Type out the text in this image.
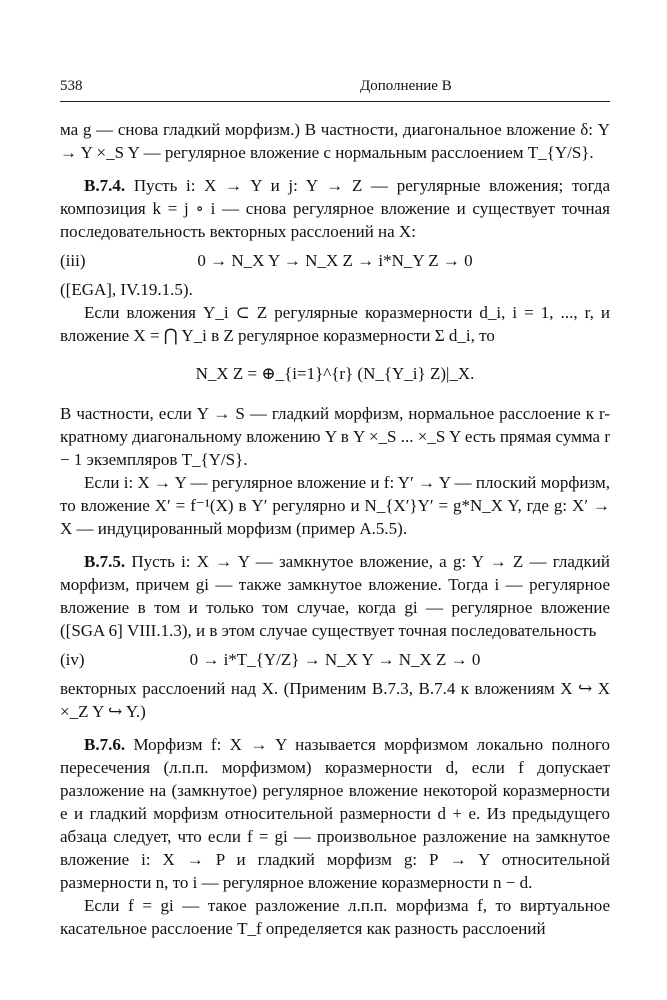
538	Дополнение В

ма g — снова гладкий морфизм.) В частности, диагональное вложение δ: Y → Y ×_S Y — регулярное вложение с нормальным расслоением T_{Y/S}.

B.7.4. Пусть i: X → Y и j: Y → Z — регулярные вложения; тогда композиция k = j ∘ i — снова регулярное вложение и существует точная последовательность векторных расслоений на X:

(iii)	0 → N_X Y → N_X Z → i*N_Y Z → 0

([EGA], IV.19.1.5).

Если вложения Y_i ⊂ Z регулярные коразмерности d_i, i = 1, ..., r, и вложение X = ⋂ Y_i в Z регулярное коразмерности Σ d_i, то

N_X Z = ⊕_{i=1}^{r} (N_{Y_i} Z)|_X.

В частности, если Y → S — гладкий морфизм, нормальное расслоение к r-кратному диагональному вложению Y в Y ×_S ... ×_S Y есть прямая сумма r − 1 экземпляров T_{Y/S}.

Если i: X → Y — регулярное вложение и f: Y′ → Y — плоский морфизм, то вложение X′ = f⁻¹(X) в Y′ регулярно и N_{X′}Y′ = g*N_X Y, где g: X′ → X — индуцированный морфизм (пример A.5.5).

B.7.5. Пусть i: X → Y — замкнутое вложение, а g: Y → Z — гладкий морфизм, причем gi — также замкнутое вложение. Тогда i — регулярное вложение в том и только том случае, когда gi — регулярное вложение ([SGA 6] VIII.1.3), и в этом случае существует точная последовательность

(iv)	0 → i*T_{Y/Z} → N_X Y → N_X Z → 0

векторных расслоений над X. (Применим B.7.3, B.7.4 к вложениям X ↪ X ×_Z Y ↪ Y.)

B.7.6. Морфизм f: X → Y называется морфизмом локально полного пересечения (л.п.п. морфизмом) коразмерности d, если f допускает разложение на (замкнутое) регулярное вложение некоторой коразмерности e и гладкий морфизм относительной размерности d + e. Из предыдущего абзаца следует, что если f = gi — произвольное разложение на замкнутое вложение i: X → P и гладкий морфизм g: P → Y относительной размерности n, то i — регулярное вложение коразмерности n − d.

Если f = gi — такое разложение л.п.п. морфизма f, то виртуальное касательное расслоение T_f определяется как разность расслоений
